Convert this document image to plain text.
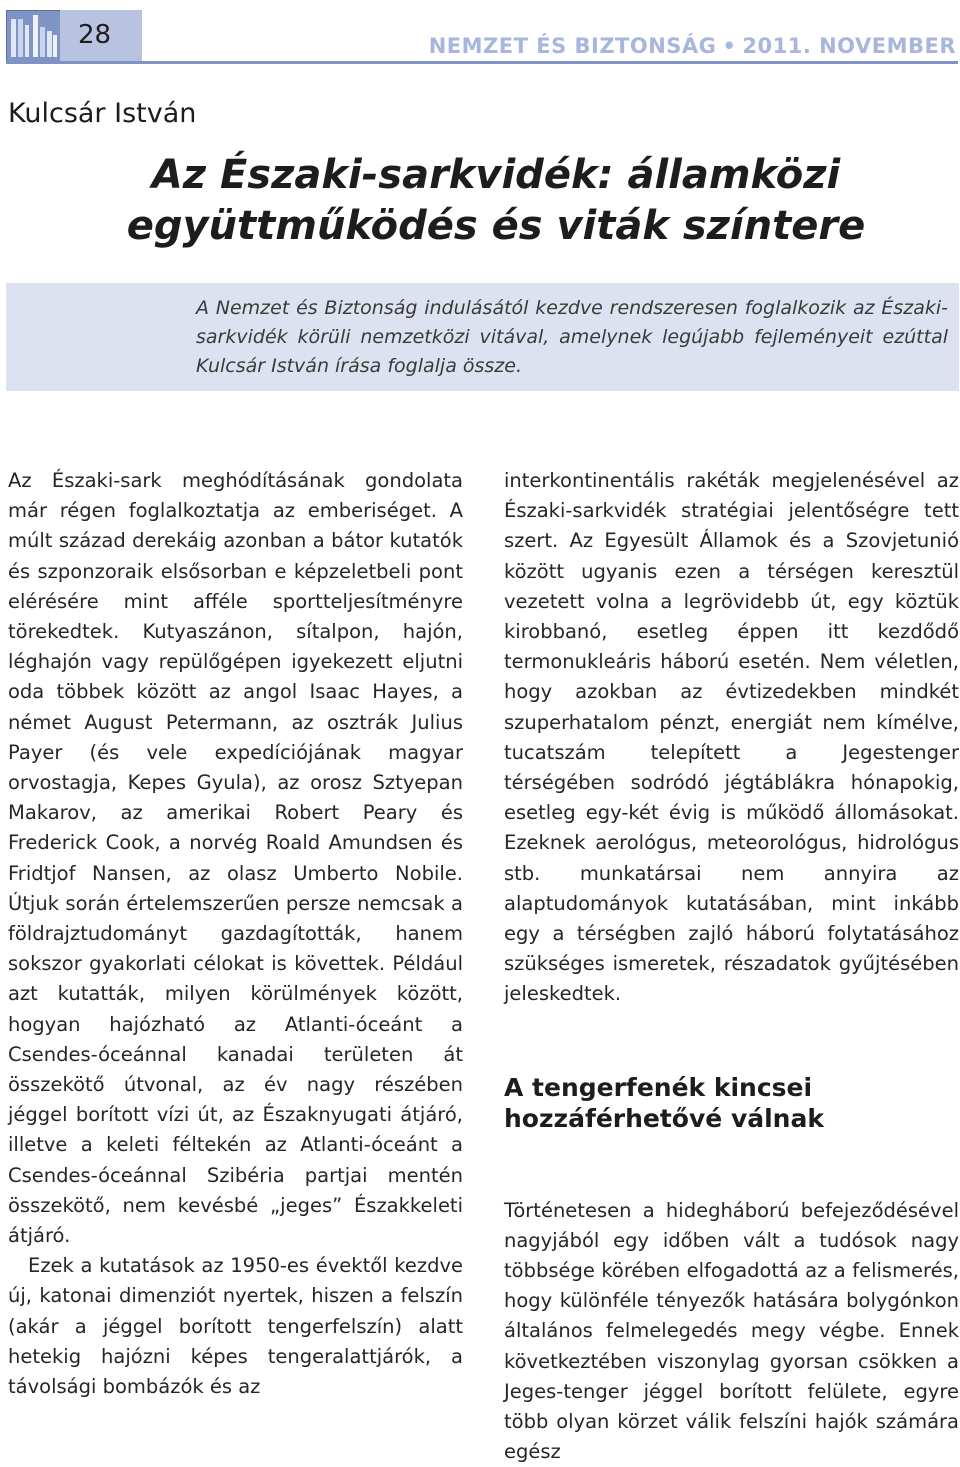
28	NEMZET ÉS BIZTONSÁG • 2011. NOVEMBER
Kulcsár István
Az Északi-sarkvidék: államközi együttműködés és viták színtere

A Nemzet és Biztonság indulásától kezdve rendszeresen foglalkozik az Északi-sarkvidék körüli nemzetközi vitával, amelynek legújabb fejleményeit ezúttal Kulcsár István írása foglalja össze.

Az Északi-sark meghódításának gondolata már régen foglalkoztatja az emberiséget. A múlt század derekáig azonban a bátor kutatók és szponzoraik elsősorban e képzeletbeli pont elérésére mint afféle sportteljesítményre törekedtek. Kutyaszánon, sítalpon, hajón, léghajón vagy repülőgépen igyekezett eljutni oda többek között az angol Isaac Hayes, a német August Petermann, az osztrák Julius Payer (és vele expedíciójának magyar orvostagja, Kepes Gyula), az orosz Sztyepan Makarov, az amerikai Robert Peary és Frederick Cook, a norvég Roald Amundsen és Fridtjof Nansen, az olasz Umberto Nobile. Útjuk során értelemszerűen persze nemcsak a földrajztudományt gazdagították, hanem sokszor gyakorlati célokat is követtek. Például azt kutatták, milyen körülmények között, hogyan hajózható az Atlanti-óceánt a Csendes-óceánnal kanadai területen át összekötő útvonal, az év nagy részében jéggel borított vízi út, az Északnyugati átjáró, illetve a keleti féltekén az Atlanti-óceánt a Csendes-óceánnal Szibéria partjai mentén összekötő, nem kevésbé „jeges” Északkeleti átjáró.

Ezek a kutatások az 1950-es évektől kezdve új, katonai dimenziót nyertek, hiszen a felszín (akár a jéggel borított tengerfelszín) alatt hetekig hajózni képes tengeralattjárók, a távolsági bombázók és az

interkontinentális rakéták megjelenésével az Északi-sarkvidék stratégiai jelentőségre tett szert. Az Egyesült Államok és a Szovjetunió között ugyanis ezen a térségen keresztül vezetett volna a legrövidebb út, egy köztük kirobbanó, esetleg éppen itt kezdődő termonukleáris háború esetén. Nem véletlen, hogy azokban az évtizedekben mindkét szuperhatalom pénzt, energiát nem kímélve, tucatszám telepített a Jegestenger térségében sodródó jégtáblákra hónapokig, esetleg egy-két évig is működő állomásokat. Ezeknek aerológus, meteorológus, hidrológus stb. munkatársai nem annyira az alaptudományok kutatásában, mint inkább egy a térségben zajló háború folytatásához szükséges ismeretek, részadatok gyűjtésében jeleskedtek.

A tengerfenék kincsei hozzáférhetővé válnak

Történetesen a hidegháború befejeződésével nagyjából egy időben vált a tudósok nagy többsége körében elfogadottá az a felismerés, hogy különféle tényezők hatására bolygónkon általános felmelegedés megy végbe. Ennek következtében viszonylag gyorsan csökken a Jeges-tenger jéggel borított felülete, egyre több olyan körzet válik felszíni hajók számára egész
